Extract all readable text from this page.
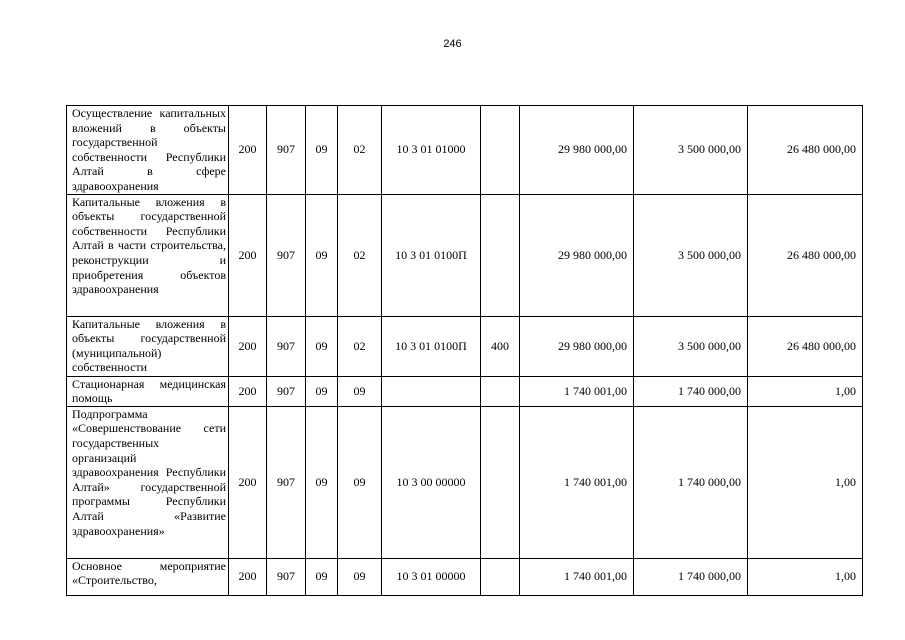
246
Осуществление капитальных вложений в объекты государственной собственности Республики Алтай в сфере здравоохранения	200	907	09	02	10 3 01 01000		29 980 000,00	3 500 000,00	26 480 000,00
Капитальные вложения в объекты государственной собственности Республики Алтай в части строительства, реконструкции и приобретения объектов здравоохранения	200	907	09	02	10 3 01 0100П		29 980 000,00	3 500 000,00	26 480 000,00
Капитальные вложения в объекты государственной (муниципальной) собственности	200	907	09	02	10 3 01 0100П	400	29 980 000,00	3 500 000,00	26 480 000,00
Стационарная медицинская помощь	200	907	09	09			1 740 001,00	1 740 000,00	1,00
Подпрограмма «Совершенствование сети государственных организаций здравоохранения Республики Алтай» государственной программы Республики Алтай «Развитие здравоохранения»	200	907	09	09	10 3 00 00000		1 740 001,00	1 740 000,00	1,00
Основное мероприятие «Строительство,	200	907	09	09	10 3 01 00000		1 740 001,00	1 740 000,00	1,00
